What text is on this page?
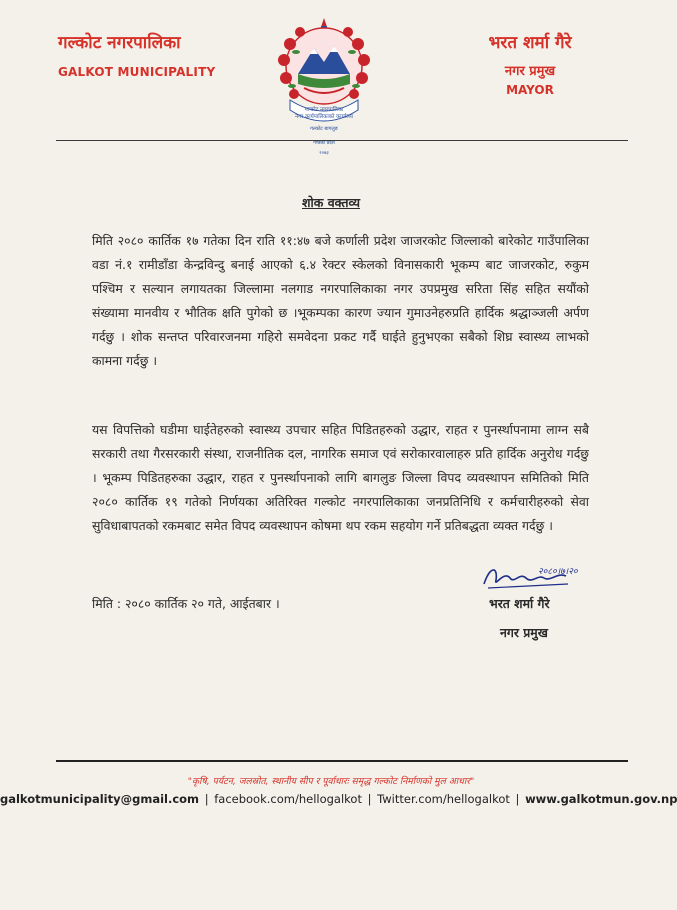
गल्कोट नगरपालिका
GALKOT MUNICIPALITY
गल्कोट नगरपालिका
नगर कार्यपालिकाको कार्यालय
गल्कोट बागलुङ
गण्डकी प्रदेश
२०७३
भरत शर्मा गैरे
नगर प्रमुख
MAYOR
शोक वक्तव्य
मिति २०८० कार्तिक १७ गतेका दिन राति ११:४७ बजे कर्णाली प्रदेश जाजरकोट जिल्लाको बारेकोट गाउँपालिका वडा नं.१ रामीडाँडा केन्द्रविन्दु बनाई आएको ६.४ रेक्टर स्केलको विनासकारी भूकम्प बाट जाजरकोट, रुकुम पश्चिम र सल्यान लगायतका जिल्लामा नलगाड नगरपालिकाका नगर उपप्रमुख सरिता सिंह सहित सयौंको संख्यामा मानवीय र भौतिक क्षति पुगेको छ ।भूकम्पका कारण ज्यान गुमाउनेहरुप्रति हार्दिक श्रद्धाञ्जली अर्पण गर्दछु । शोक सन्तप्त परिवारजनमा गहिरो समवेदना प्रकट गर्दै घाईते हुनुभएका सबैको शिघ्र स्वास्थ्य लाभको कामना गर्दछु ।
यस विपत्तिको घडीमा घाईतेहरुको स्वास्थ्य उपचार सहित पिडितहरुको उद्धार, राहत र पुनर्स्थापनामा लाग्न सबै सरकारी तथा गैरसरकारी संस्था, राजनीतिक दल, नागरिक समाज एवं सरोकारवालाहरु प्रति हार्दिक अनुरोध गर्दछु । भूकम्प पिडितहरुका उद्धार, राहत र पुनर्स्थापनाको लागि बागलुङ जिल्ला विपद व्यवस्थापन समितिको मिति २०८० कार्तिक १९ गतेको निर्णयका अतिरिक्त गल्कोट नगरपालिकाका जनप्रतिनिधि र कर्मचारीहरुको सेवा सुविधाबापतको रकमबाट समेत विपद व्यवस्थापन कोषमा थप रकम सहयोग गर्ने प्रतिबद्धता व्यक्त गर्दछु ।
२०८०।७।२०
मिति : २०८० कार्तिक २० गते, आईतबार ।	भरत शर्मा गैरे
नगर प्रमुख
"कृषि, पर्यटन, जलस्रोत, स्थानीय सीप र पूर्वाधारः समृद्ध गल्कोट निर्माणको मुल आधार"
galkotmunicipality@gmail.com | facebook.com/hellogalkot | Twitter.com/hellogalkot | www.galkotmun.gov.np
